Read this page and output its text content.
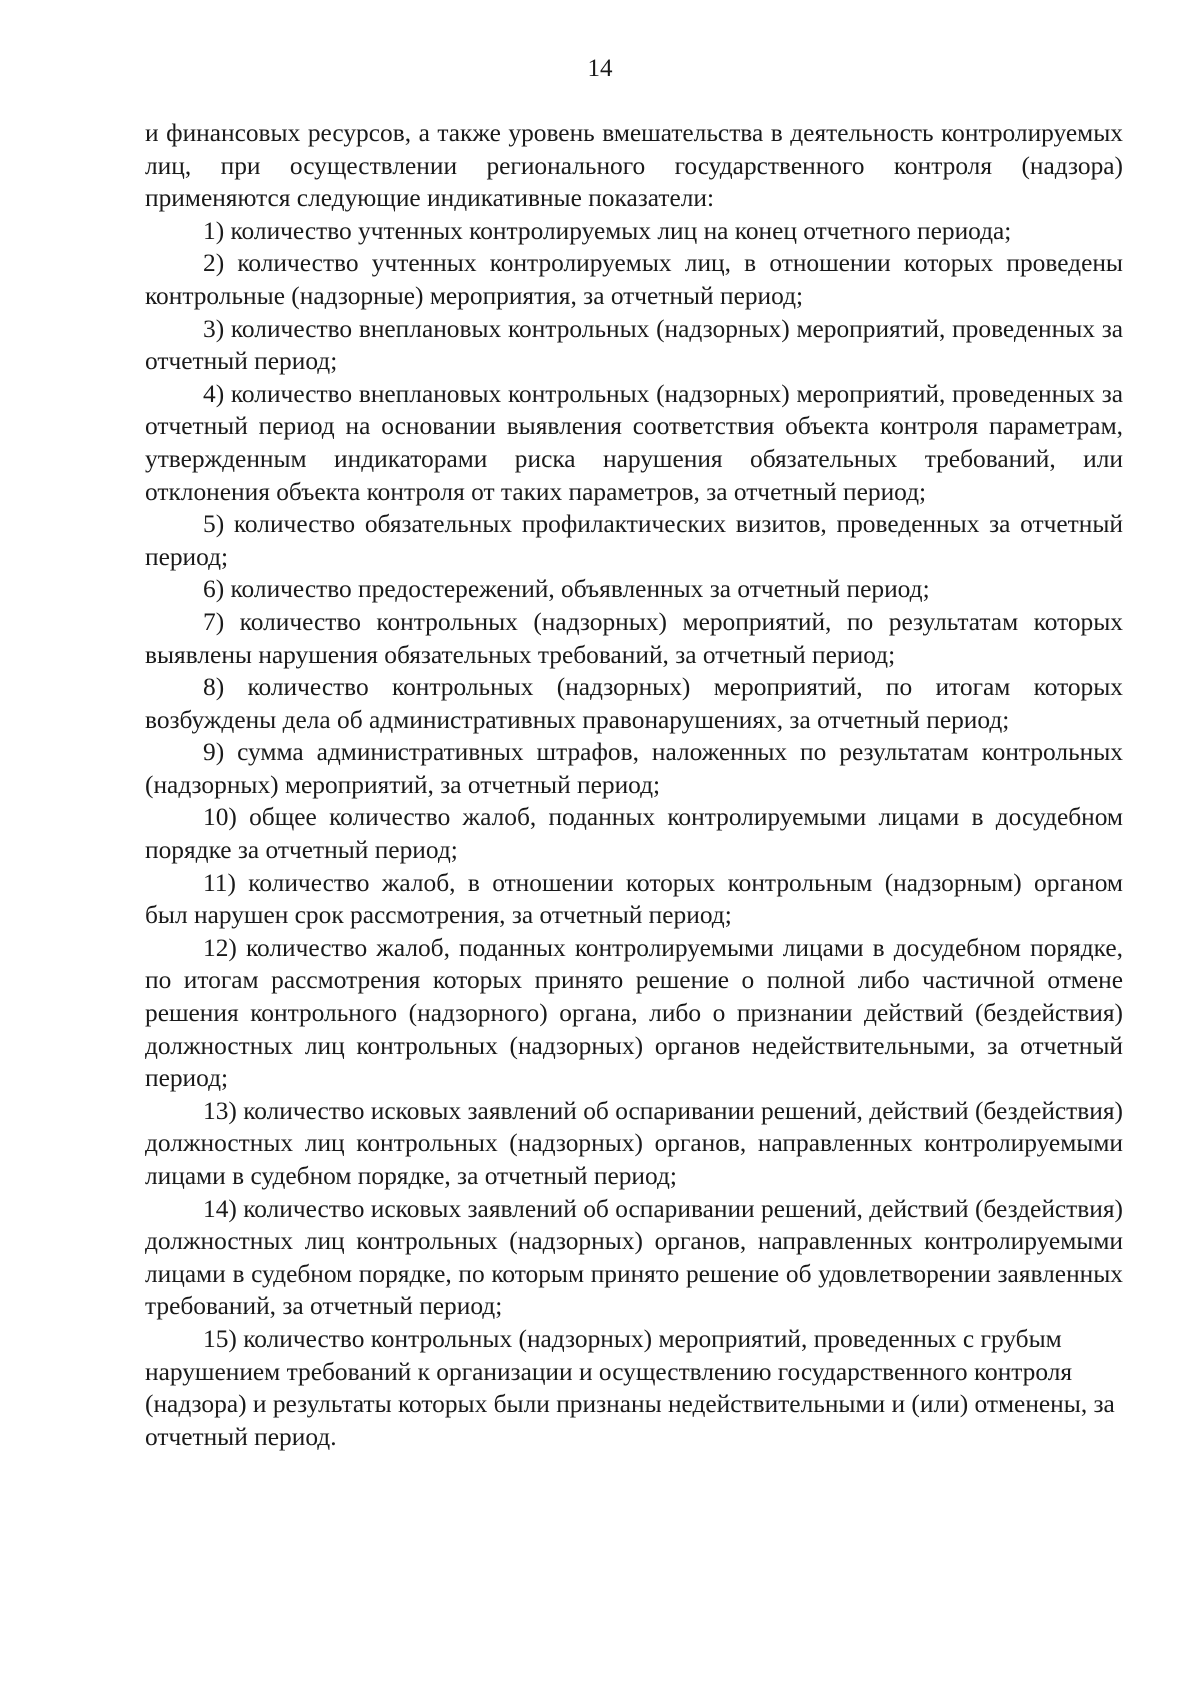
14

и финансовых ресурсов, а также уровень вмешательства в деятельность контролируемых лиц, при осуществлении регионального государственного контроля (надзора) применяются следующие индикативные показатели:

1) количество учтенных контролируемых лиц на конец отчетного периода;

2) количество учтенных контролируемых лиц, в отношении которых проведены контрольные (надзорные) мероприятия, за отчетный период;

3) количество внеплановых контрольных (надзорных) мероприятий, проведенных за отчетный период;

4) количество внеплановых контрольных (надзорных) мероприятий, проведенных за отчетный период на основании выявления соответствия объекта контроля параметрам, утвержденным индикаторами риска нарушения обязательных требований, или отклонения объекта контроля от таких параметров, за отчетный период;

5) количество обязательных профилактических визитов, проведенных за отчетный период;

6) количество предостережений, объявленных за отчетный период;

7) количество контрольных (надзорных) мероприятий, по результатам которых выявлены нарушения обязательных требований, за отчетный период;

8) количество контрольных (надзорных) мероприятий, по итогам которых возбуждены дела об административных правонарушениях, за отчетный период;

9) сумма административных штрафов, наложенных по результатам контрольных (надзорных) мероприятий, за отчетный период;

10) общее количество жалоб, поданных контролируемыми лицами в досудебном порядке за отчетный период;

11) количество жалоб, в отношении которых контрольным (надзорным) органом был нарушен срок рассмотрения, за отчетный период;

12) количество жалоб, поданных контролируемыми лицами в досудебном порядке, по итогам рассмотрения которых принято решение о полной либо частичной отмене решения контрольного (надзорного) органа, либо о признании действий (бездействия) должностных лиц контрольных (надзорных) органов недействительными, за отчетный период;

13) количество исковых заявлений об оспаривании решений, действий (бездействия) должностных лиц контрольных (надзорных) органов, направленных контролируемыми лицами в судебном порядке, за отчетный период;

14) количество исковых заявлений об оспаривании решений, действий (бездействия) должностных лиц контрольных (надзорных) органов, направленных контролируемыми лицами в судебном порядке, по которым принято решение об удовлетворении заявленных требований, за отчетный период;

15) количество контрольных (надзорных) мероприятий, проведенных с грубым нарушением требований к организации и осуществлению государственного контроля (надзора) и результаты которых были признаны недействительными и (или) отменены, за отчетный период.
